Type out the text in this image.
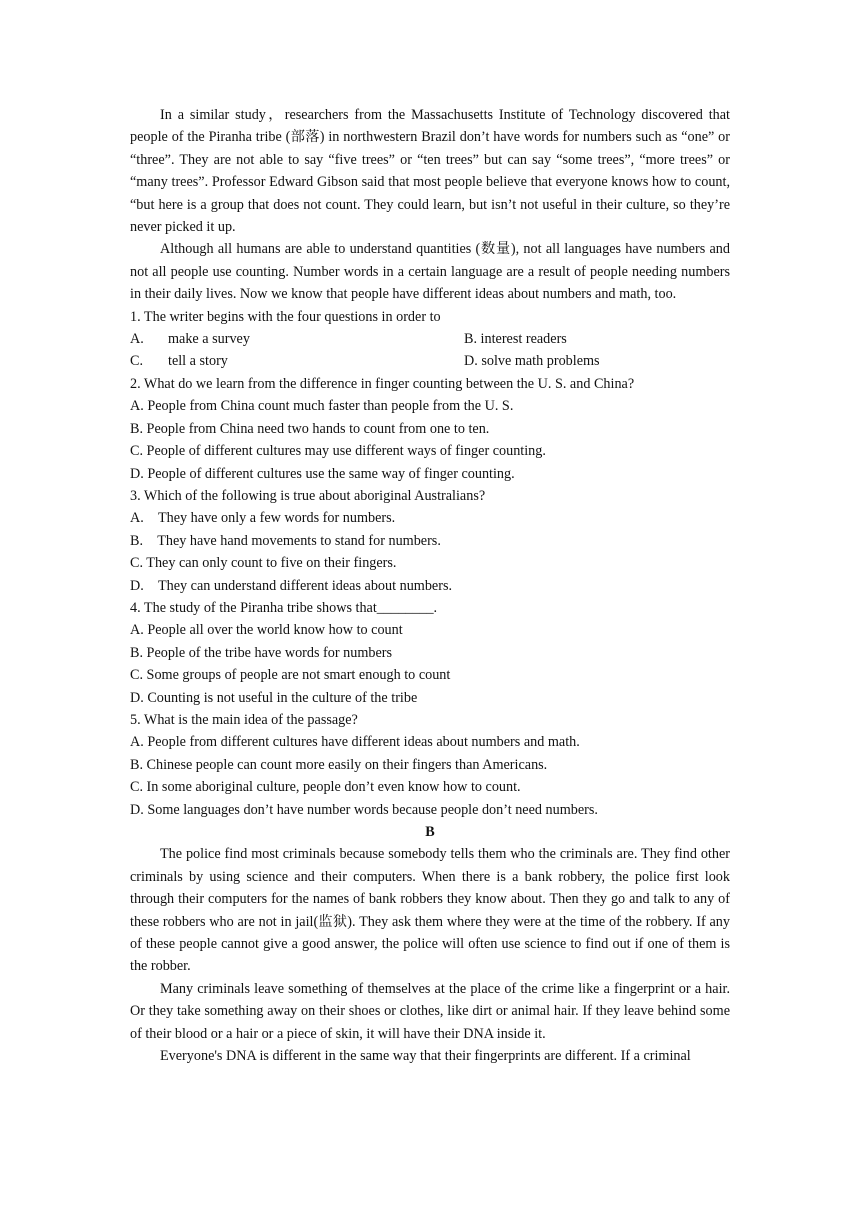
In a similar study，researchers from the Massachusetts Institute of Technology discovered that people of the Piranha tribe (部落) in northwestern Brazil don’t have words for numbers such as “one” or “three”. They are not able to say “five trees” or “ten trees” but can say “some trees”, “more trees” or “many trees”. Professor Edward Gibson said that most people believe that everyone knows how to count, “but here is a group that does not count. They could learn, but isn’t not useful in their culture, so they’re never picked it up.

Although all humans are able to understand quantities (数量), not all languages have numbers and not all people use counting. Number words in a certain language are a result of people needing numbers in their daily lives. Now we know that people have different ideas about numbers and math, too.

1. The writer begins with the four questions in order to

A.	make a survey	B. interest readers
C.	tell a story	D. solve math problems

2. What do we learn from the difference in finger counting between the U. S. and China?

A. People from China count much faster than people from the U. S.

B. People from China need two hands to count from one to ten.

C. People of different cultures may use different ways of finger counting.

D. People of different cultures use the same way of finger counting.

3. Which of the following is true about aboriginal Australians?

A.    They have only a few words for numbers.

B.    They have hand movements to stand for numbers.

C. They can only count to five on their fingers.

D.    They can understand different ideas about numbers.

4. The study of the Piranha tribe shows that________.

A. People all over the world know how to count

B. People of the tribe have words for numbers

C. Some groups of people are not smart enough to count

D. Counting is not useful in the culture of the tribe

5. What is the main idea of the passage?

A. People from different cultures have different ideas about numbers and math.

B. Chinese people can count more easily on their fingers than Americans.

C. In some aboriginal culture, people don’t even know how to count.

D. Some languages don’t have number words because people don’t need numbers.

B

The police find most criminals because somebody tells them who the criminals are. They find other criminals by using science and their computers. When there is a bank robbery, the police first look through their computers for the names of bank robbers they know about. Then they go and talk to any of these robbers who are not in jail(监狱). They ask them where they were at the time of the robbery. If any of these people cannot give a good answer, the police will often use science to find out if one of them is the robber.

Many criminals leave something of themselves at the place of the crime like a fingerprint or a hair. Or they take something away on their shoes or clothes, like dirt or animal hair. If they leave behind some of their blood or a hair or a piece of skin, it will have their DNA inside it.

Everyone's DNA is different in the same way that their fingerprints are different. If a criminal
